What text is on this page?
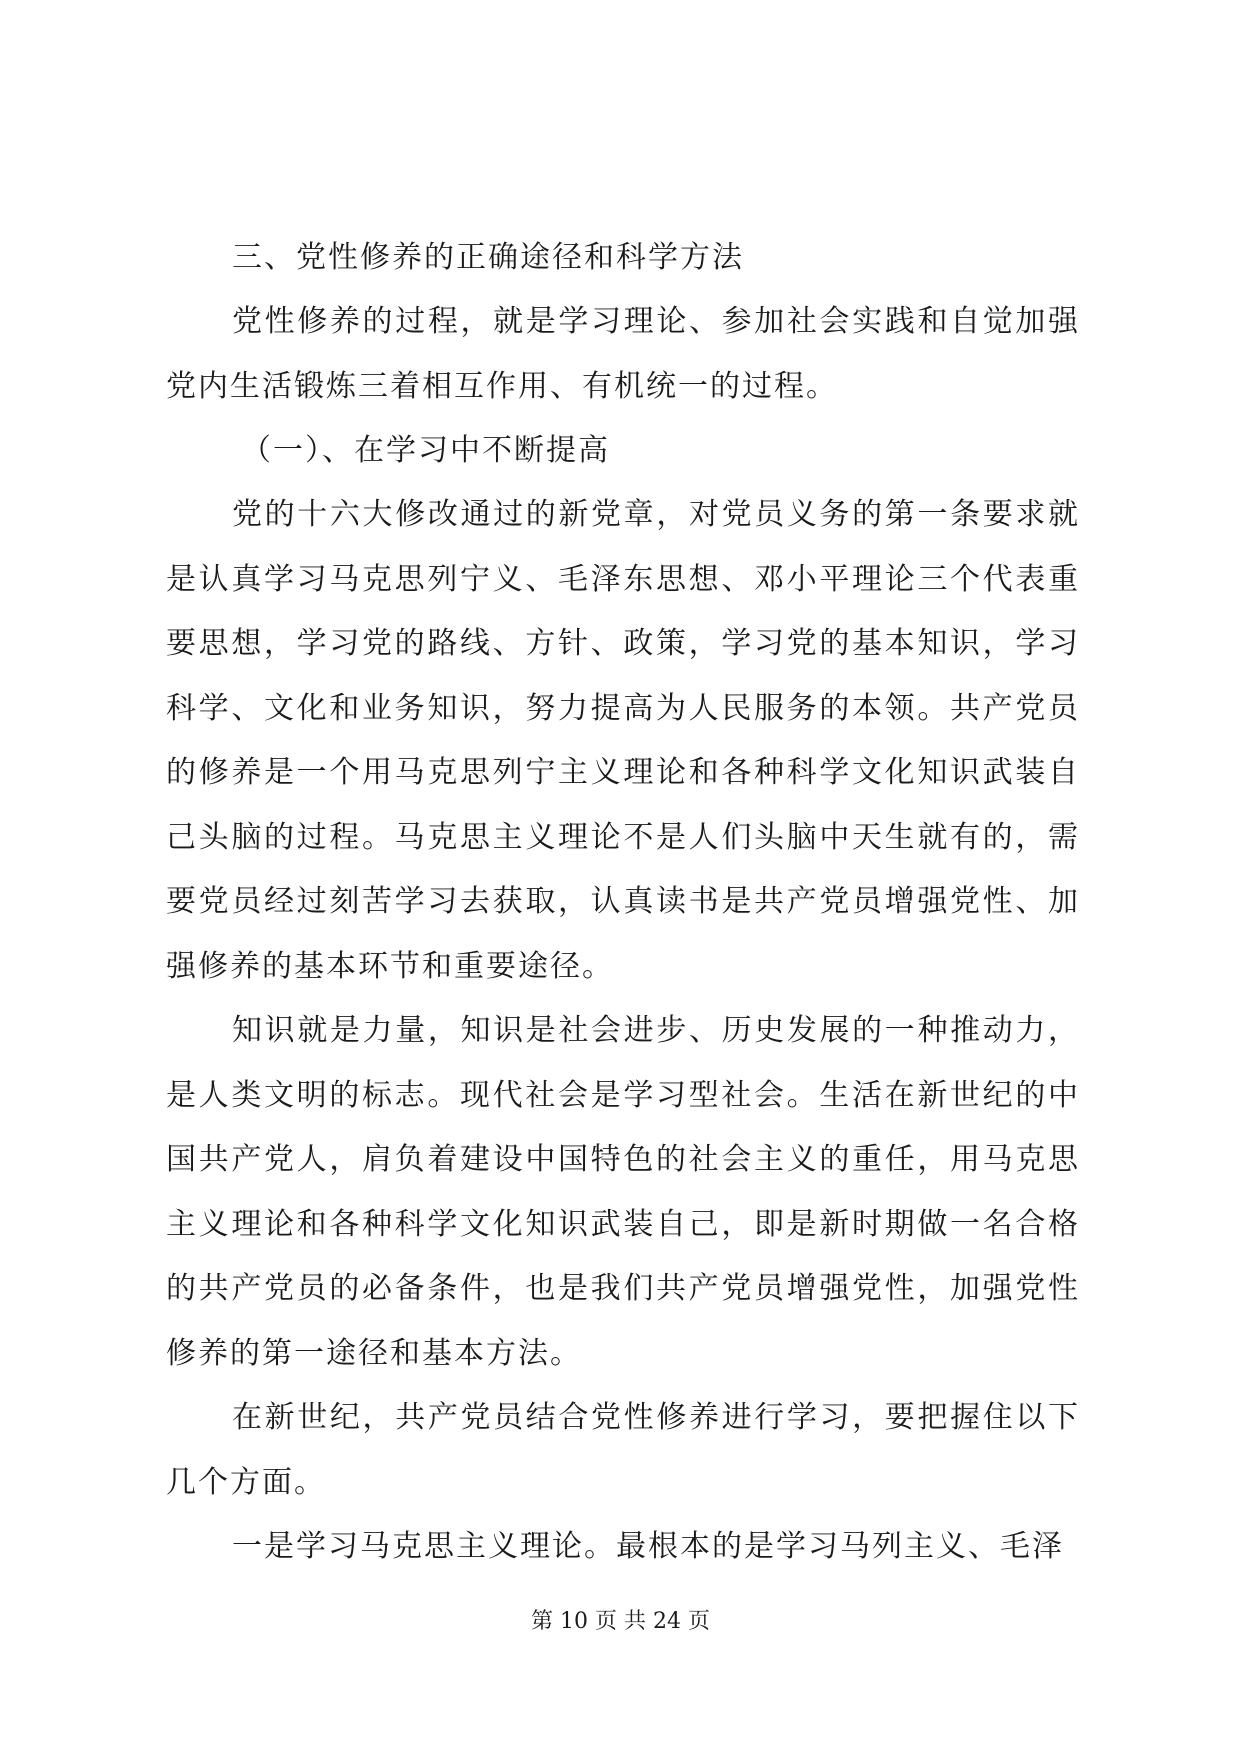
三、党性修养的正确途径和科学方法

党性修养的过程，就是学习理论、参加社会实践和自觉加强党内生活锻炼三着相互作用、有机统一的过程。

（一）、在学习中不断提高

党的十六大修改通过的新党章，对党员义务的第一条要求就是认真学习马克思列宁义、毛泽东思想、邓小平理论三个代表重要思想，学习党的路线、方针、政策，学习党的基本知识，学习科学、文化和业务知识，努力提高为人民服务的本领。共产党员的修养是一个用马克思列宁主义理论和各种科学文化知识武装自己头脑的过程。马克思主义理论不是人们头脑中天生就有的，需要党员经过刻苦学习去获取，认真读书是共产党员增强党性、加强修养的基本环节和重要途径。

知识就是力量，知识是社会进步、历史发展的一种推动力，是人类文明的标志。现代社会是学习型社会。生活在新世纪的中国共产党人，肩负着建设中国特色的社会主义的重任，用马克思主义理论和各种科学文化知识武装自己，即是新时期做一名合格的共产党员的必备条件，也是我们共产党员增强党性，加强党性修养的第一途径和基本方法。

在新世纪，共产党员结合党性修养进行学习，要把握住以下几个方面。

一是学习马克思主义理论。最根本的是学习马列主义、毛泽

第 10 页 共 24 页
